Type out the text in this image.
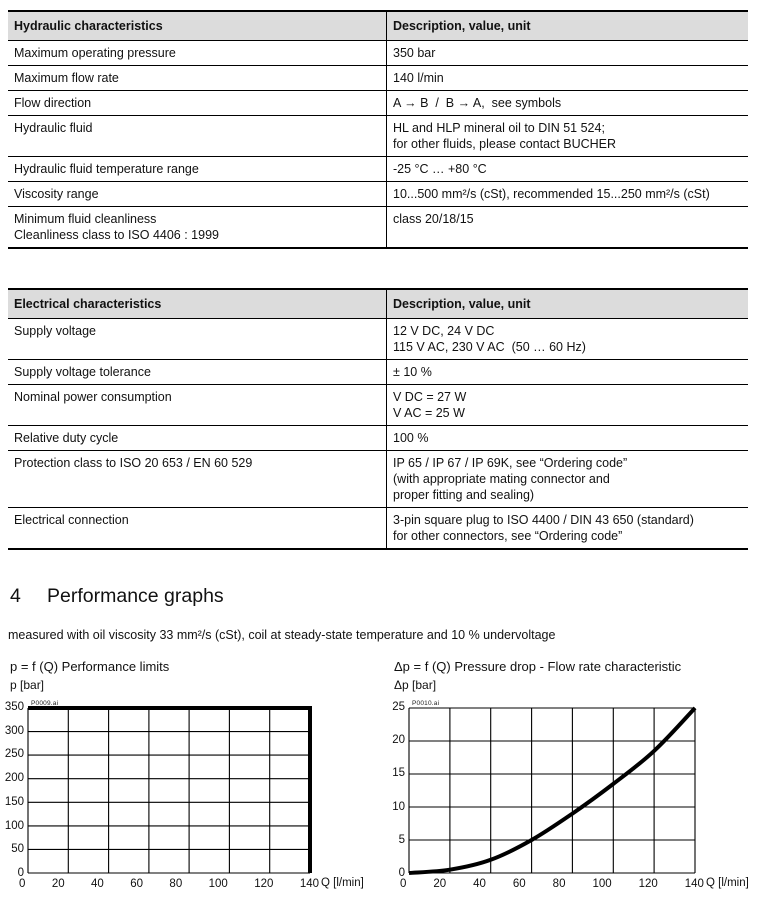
Hydraulic characteristics	Description, value, unit

Maximum operating pressure	350 bar

Maximum flow rate	140 l/min

Flow direction	A → B  /  B → A,  see symbols

Hydraulic fluid	HL and HLP mineral oil to DIN 51 524;
for other fluids, please contact BUCHER

Hydraulic fluid temperature range	-25 °C … +80 °C

Viscosity range	10...500 mm²/s (cSt), recommended 15...250 mm²/s (cSt)

Minimum fluid cleanliness
Cleanliness class to ISO 4406 : 1999	class 20/18/15
Electrical characteristics	Description, value, unit

Supply voltage	12 V DC, 24 V DC
115 V AC, 230 V AC  (50 … 60 Hz)

Supply voltage tolerance	± 10 %

Nominal power consumption	V DC = 27 W
V AC = 25 W

Relative duty cycle	100 %

Protection class to ISO 20 653 / EN 60 529	IP 65 / IP 67 / IP 69K, see “Ordering code”
(with appropriate mating connector and
proper fitting and sealing)

Electrical connection	3-pin square plug to ISO 4400 / DIN 43 650 (standard)
for other connectors, see “Ordering code”
4 Performance graphs
measured with oil viscosity 33 mm²/s (cSt), coil at steady-state temperature and 10 % undervoltage
p = f (Q) Performance limits
p [bar]
P0009.ai
350
300
250
200
150
100
50
0
0 20 40 60 80 100 120 140 Q [l/min]
Δp = f (Q) Pressure drop - Flow rate characteristic
Δp [bar]
P0010.ai
25
20
15
10
5
0
0 20 40 60 80 100 120 140 Q [l/min]
